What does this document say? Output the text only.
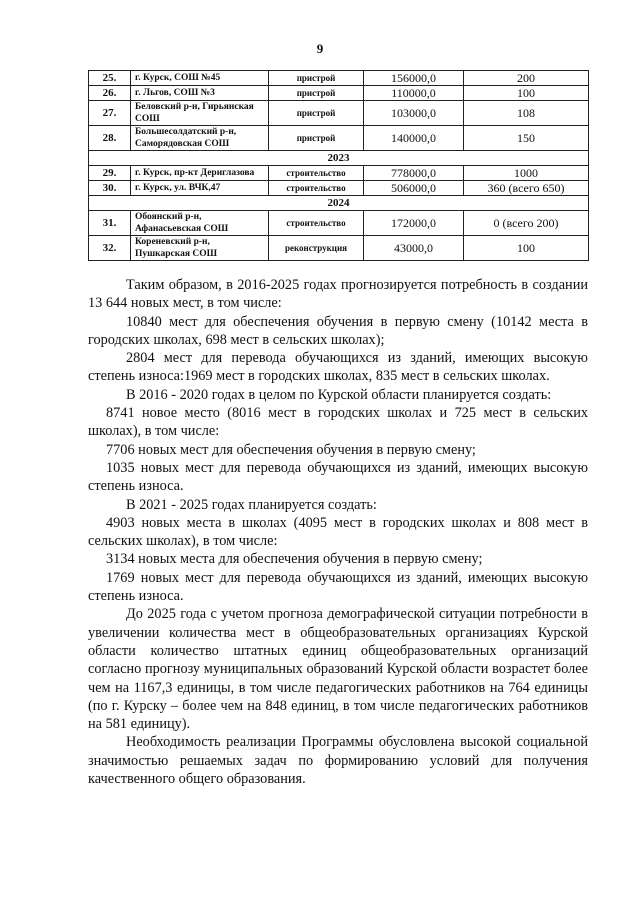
9
25.	г. Курск, СОШ №45	пристрой	156000,0	200
26.	г. Льгов, СОШ №3	пристрой	110000,0	100
27.	Беловский р-н, Гирьянская СОШ	пристрой	103000,0	108
28.	Большесолдатский р-н, Саморядовская СОШ	пристрой	140000,0	150
2023				
29.	г. Курск, пр-кт Дериглазова	строительство	778000,0	1000
30.	г. Курск, ул. ВЧК,47	строительство	506000,0	360 (всего 650)
2024				
31.	Обоянский р-н, Афанасьевская СОШ	строительство	172000,0	0 (всего 200)
32.	Кореневский р-н, Пушкарская СОШ	реконструкция	43000,0	100

Таким образом, в 2016-2025 годах прогнозируется потребность в создании 13 644 новых мест, в том числе:

10840 мест для обеспечения обучения в первую смену (10142 места в городских школах, 698 мест в сельских школах);

2804 мест для перевода обучающихся из зданий, имеющих высокую степень износа:1969 мест в городских школах, 835 мест в сельских школах.

В 2016 - 2020 годах в целом по Курской области планируется создать:

8741 новое место (8016 мест в городских школах и 725 мест в сельских школах), в том числе:

7706 новых мест для обеспечения обучения в первую смену;

1035 новых мест для перевода обучающихся из зданий, имеющих высокую степень износа.

В 2021 - 2025 годах планируется создать:

4903 новых места в школах (4095 мест в городских школах и 808 мест в сельских школах), в том числе:

3134 новых места для обеспечения обучения в первую смену;

1769 новых мест для перевода обучающихся из зданий, имеющих высокую степень износа.

До 2025 года с учетом прогноза демографической ситуации потребности в увеличении количества мест в общеобразовательных организациях Курской области количество штатных единиц общеобразовательных организаций согласно прогнозу муниципальных образований Курской области возрастет более чем на 1167,3 единицы, в том числе педагогических работников на 764 единицы (по г. Курску – более чем на 848 единиц, в том числе педагогических работников на 581 единицу).

Необходимость реализации Программы обусловлена высокой социальной значимостью решаемых задач по формированию условий для получения качественного общего образования.
